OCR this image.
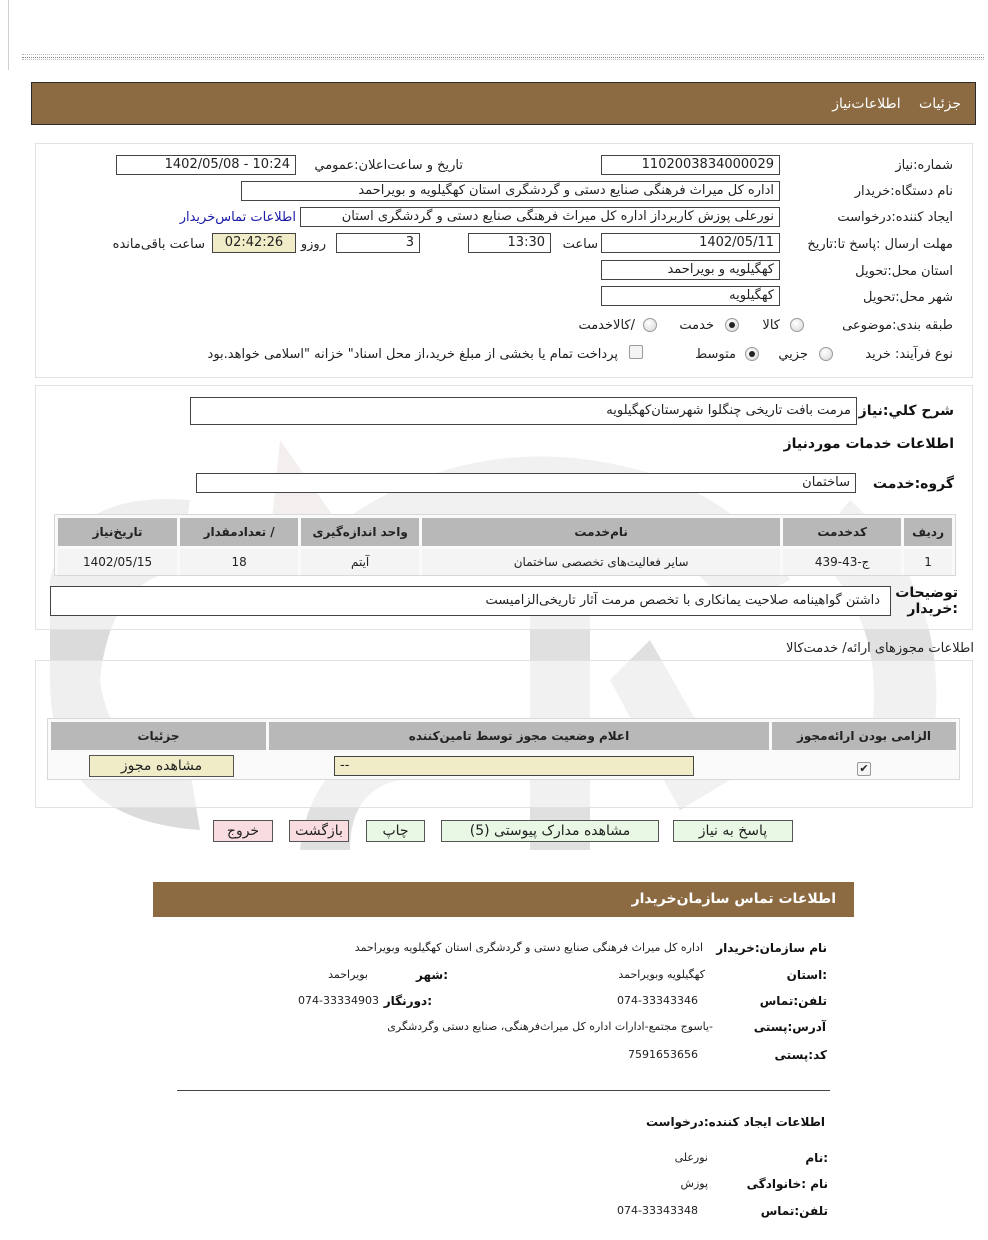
جزئیات اطلاعات‌نیاز
شماره:نیاز
1102003834000029
تاریخ و ساعت‌اعلان:عمومي
1402/05/08 - 10:24
نام دستگاه:خریدار
اداره کل میراث فرهنگی صنایع دستی و گردشگری استان کهگیلویه و بویراحمد
ایجاد کننده:درخواست
نورعلی پوزش کاربرداز اداره کل میراث فرهنگی صنایع دستی و گردشگری استان
اطلاعات تماس‌خریدار
مهلت ارسال :پاسخ تا:تاریخ
1402/05/11
ساعت
13:30
3
روزو
02:42:26
ساعت باقی‌مانده
استان محل:تحویل
کهگیلویه و بویراحمد
شهر محل:تحویل
کهگیلویه
طبقه بندی:موضوعی
کالا
خدمت
/کالاخدمت
نوع فرآیند: خرید
جزیي
متوسط
پرداخت تمام یا بخشی از مبلغ خرید،از محل اسناد" خزانه "اسلامی خواهد.بود
شرح کلي:نیاز
مرمت بافت تاریخی چنگلوا شهرستان‌کهگیلویه
اطلاعات خدمات موردنیاز
گروه:خدمت
ساختمان
ردیف	کدخدمت	نام‌خدمت	واحد اندازه‌گیری	/ تعدادمقدار	تاریخ‌نیاز
1	ج-43-439	سایر فعالیت‌های تخصصی ساختمان	آیتم	18	1402/05/15
توضیحات :خریدار
داشتن گواهینامه صلاحیت یمانکاری با تخصص مرمت آثار تاریخی‌الزامیست
اطلاعات مجوزهای ارائه/ خدمت‌کالا
الزامی بودن ارائه‌مجوز	اعلام وضعیت مجوز توسط تامین‌کننده	جزئیات

✔	--	مشاهده مجوز
پاسخ به نیاز
مشاهده مدارک پیوستی (5)
چاپ
بازگشت
خروج
اطلاعات تماس سازمان‌خریدار
نام سازمان:خریدار
اداره کل میراث فرهنگی صنایع دستی و گردشگری استان کهگیلویه وبویراحمد
:استان
کهگیلویه وبویراحمد
:شهر
بویراحمد
تلفن:تماس
074-33343346
:دورنگار
074-33334903
آدرس:پستی
-یاسوج مجتمع-ادارات اداره کل میراث‌فرهنگی، صنایع دستی وگردشگری
کد:پستی
7591653656
اطلاعات ایجاد کننده:درخواست
:نام
نورعلی
نام :خانوادگی
پوزش
تلفن:تماس
074-33343348
